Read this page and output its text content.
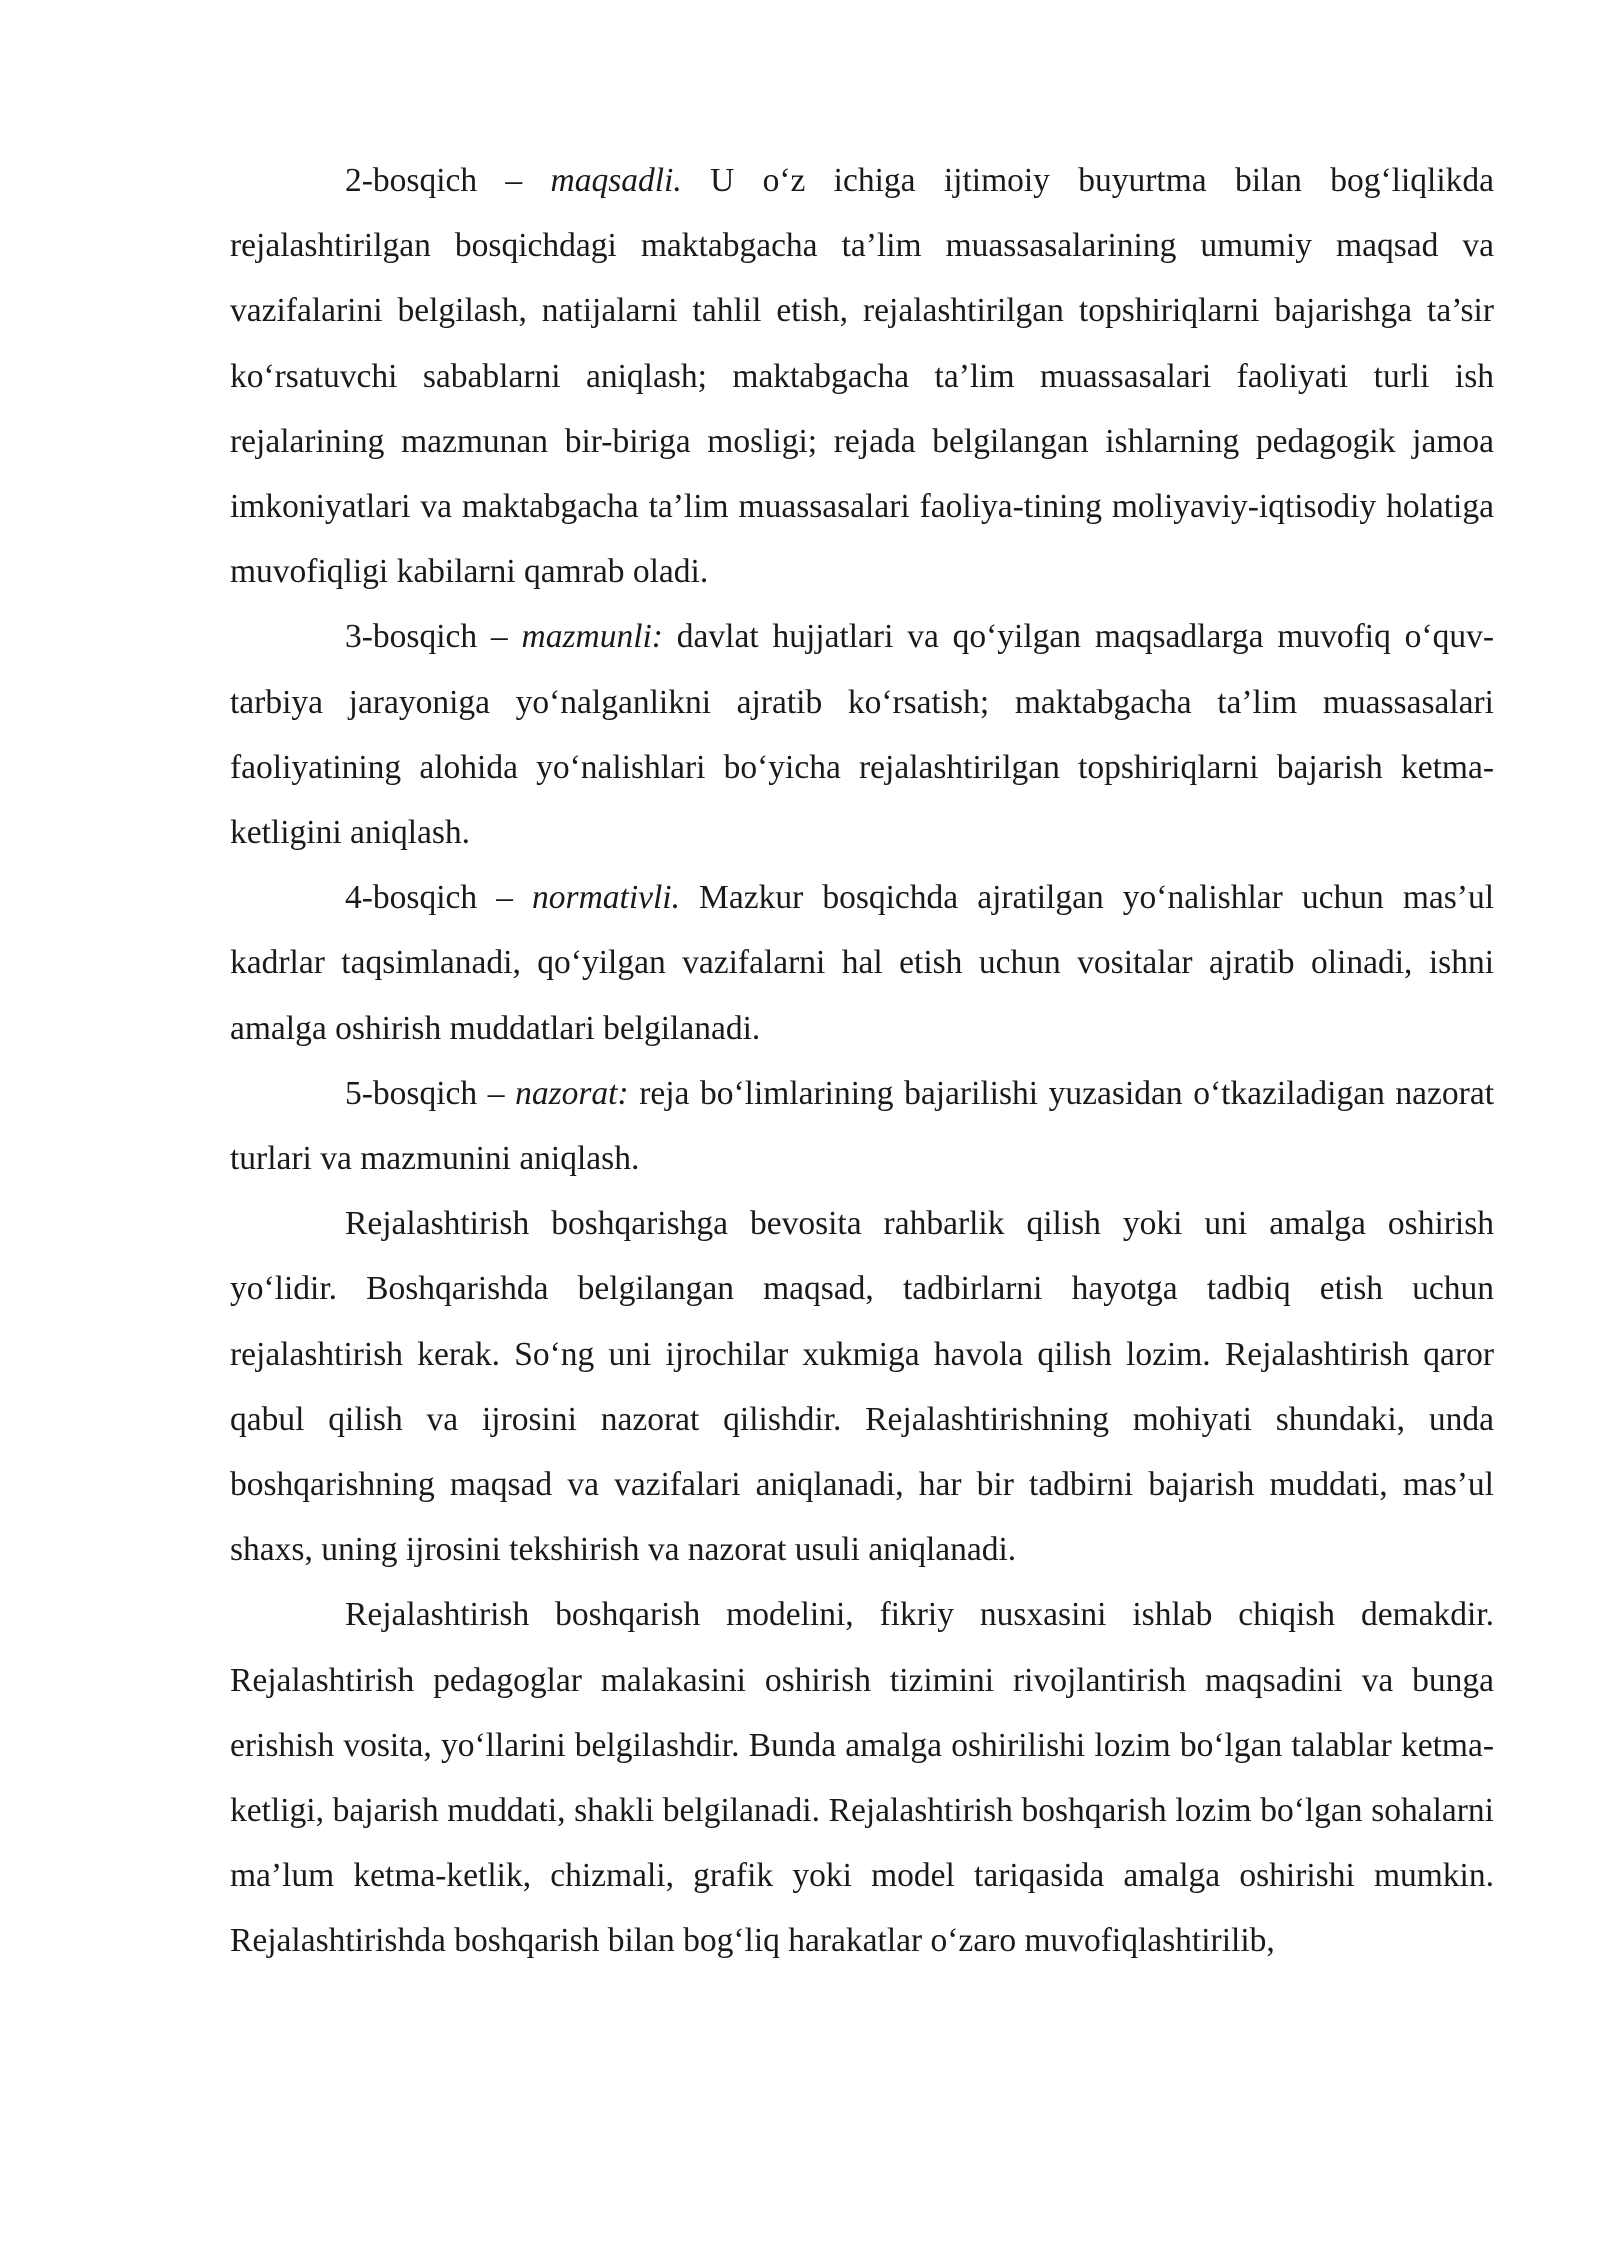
2-bosqich – maqsadli. U o‘z ichiga ijtimoiy buyurtma bilan bog‘liqlikda rejalashtirilgan bosqichdagi maktabgacha ta’lim muassasalarining umumiy maqsad va vazifalarini belgilash, natijalarni tahlil etish, rejalashtirilgan topshiriqlarni bajarishga ta’sir ko‘rsatuvchi sabablarni aniqlash; maktabgacha ta’lim muassasalari faoliyati turli ish rejalarining mazmunan bir-biriga mosligi; rejada belgilangan ishlarning pedagogik jamoa imkoniyatlari va maktabgacha ta’lim muassasalari faoliya-tining moliyaviy-iqtisodiy holatiga muvofiqligi kabilarni qamrab oladi.

3-bosqich – mazmunli: davlat hujjatlari va qo‘yilgan maqsadlarga muvofiq o‘quv-tarbiya jarayoniga yo‘nalganlikni ajratib ko‘rsatish; maktabgacha ta’lim muassasalari faoliyatining alohida yo‘nalishlari bo‘yicha rejalashtirilgan topshiriqlarni bajarish ketma-ketligini aniqlash.

4-bosqich – normativli. Mazkur bosqichda ajratilgan yo‘nalishlar uchun mas’ul kadrlar taqsimlanadi, qo‘yilgan vazifalarni hal etish uchun vositalar ajratib olinadi, ishni amalga oshirish muddatlari belgilanadi.

5-bosqich – nazorat: reja bo‘limlarining bajarilishi yuzasidan o‘tkaziladigan nazorat turlari va mazmunini aniqlash.

Rejalashtirish boshqarishga bevosita rahbarlik qilish yoki uni amalga oshirish yo‘lidir. Boshqarishda belgilangan maqsad, tadbirlarni hayotga tadbiq etish uchun rejalashtirish kerak. So‘ng uni ijrochilar xukmiga havola qilish lozim. Rejalashtirish qaror qabul qilish va ijrosini nazorat qilishdir. Rejalashtirishning mohiyati shundaki, unda boshqarishning maqsad va vazifalari aniqlanadi, har bir tadbirni bajarish muddati, mas’ul shaxs, uning ijrosini tekshirish va nazorat usuli aniqlanadi.

Rejalashtirish boshqarish modelini, fikriy nusxasini ishlab chiqish demakdir. Rejalashtirish pedagoglar malakasini oshirish tizimini rivojlantirish maqsadini va bunga erishish vosita, yo‘llarini belgilashdir. Bunda amalga oshirilishi lozim bo‘lgan talablar ketma-ketligi, bajarish muddati, shakli belgilanadi. Rejalashtirish boshqarish lozim bo‘lgan sohalarni ma’lum ketma-ketlik, chizmali, grafik yoki model tariqasida amalga oshirishi mumkin. Rejalashtirishda boshqarish bilan bog‘liq harakatlar o‘zaro muvofiqlashtirilib,
